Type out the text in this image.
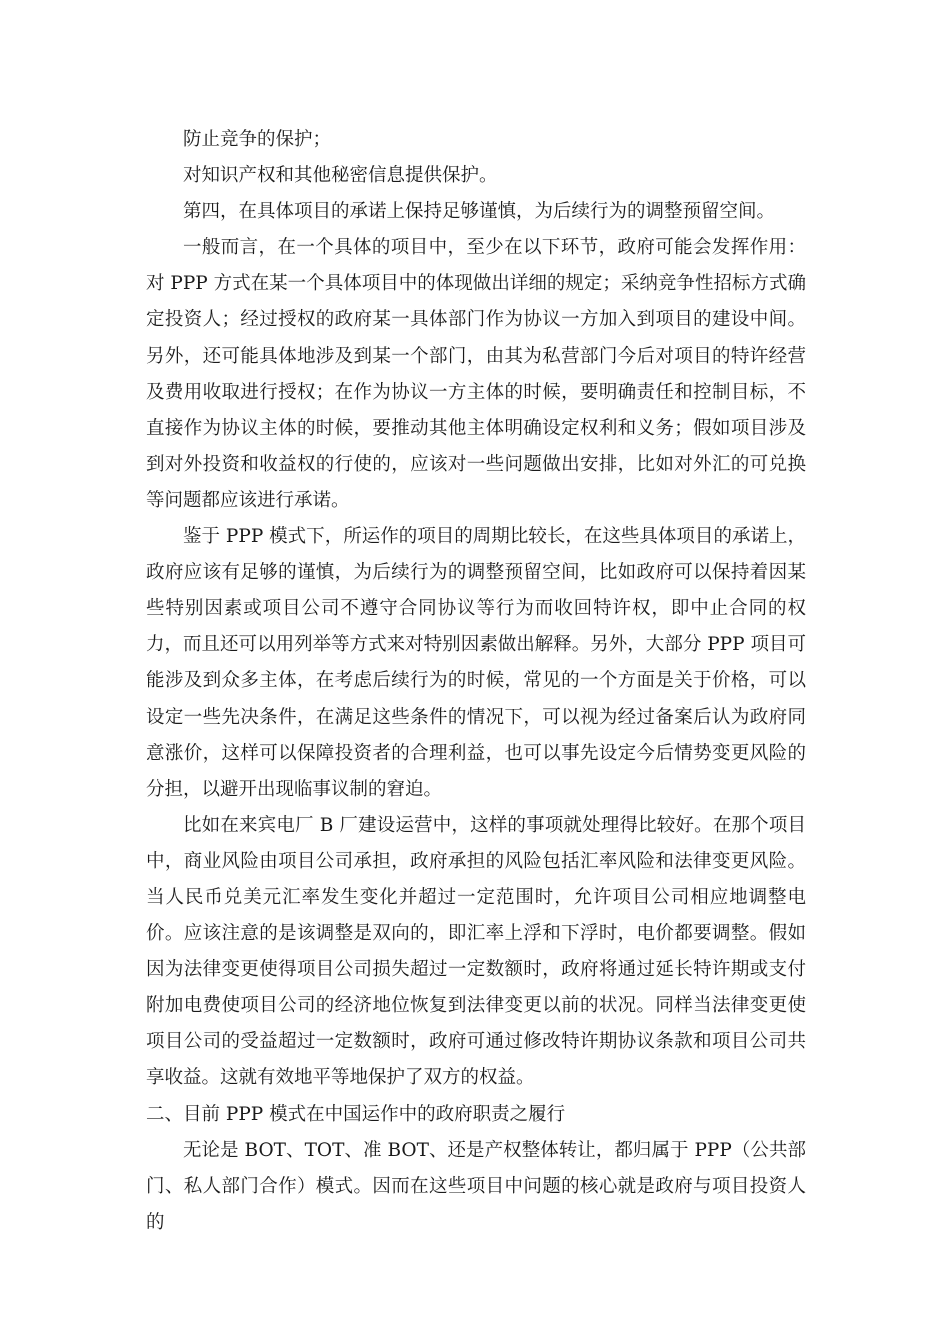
防止竞争的保护；

对知识产权和其他秘密信息提供保护。

第四，在具体项目的承诺上保持足够谨慎，为后续行为的调整预留空间。

一般而言，在一个具体的项目中，至少在以下环节，政府可能会发挥作用：对 PPP 方式在某一个具体项目中的体现做出详细的规定；采纳竞争性招标方式确定投资人；经过授权的政府某一具体部门作为协议一方加入到项目的建设中间。另外，还可能具体地涉及到某一个部门，由其为私营部门今后对项目的特许经营及费用收取进行授权；在作为协议一方主体的时候，要明确责任和控制目标，不直接作为协议主体的时候，要推动其他主体明确设定权利和义务；假如项目涉及到对外投资和收益权的行使的，应该对一些问题做出安排，比如对外汇的可兑换等问题都应该进行承诺。

鉴于 PPP 模式下，所运作的项目的周期比较长，在这些具体项目的承诺上，政府应该有足够的谨慎，为后续行为的调整预留空间，比如政府可以保持着因某些特别因素或项目公司不遵守合同协议等行为而收回特许权，即中止合同的权力，而且还可以用列举等方式来对特别因素做出解释。另外，大部分 PPP 项目可能涉及到众多主体，在考虑后续行为的时候，常见的一个方面是关于价格，可以设定一些先决条件，在满足这些条件的情况下，可以视为经过备案后认为政府同意涨价，这样可以保障投资者的合理利益，也可以事先设定今后情势变更风险的分担，以避开出现临事议制的窘迫。

比如在来宾电厂 B 厂建设运营中，这样的事项就处理得比较好。在那个项目中，商业风险由项目公司承担，政府承担的风险包括汇率风险和法律变更风险。当人民币兑美元汇率发生变化并超过一定范围时，允许项目公司相应地调整电价。应该注意的是该调整是双向的，即汇率上浮和下浮时，电价都要调整。假如因为法律变更使得项目公司损失超过一定数额时，政府将通过延长特许期或支付附加电费使项目公司的经济地位恢复到法律变更以前的状况。同样当法律变更使项目公司的受益超过一定数额时，政府可通过修改特许期协议条款和项目公司共享收益。这就有效地平等地保护了双方的权益。

二、目前 PPP 模式在中国运作中的政府职责之履行

无论是 BOT、TOT、准 BOT、还是产权整体转让，都归属于 PPP（公共部门、私人部门合作）模式。因而在这些项目中问题的核心就是政府与项目投资人的
